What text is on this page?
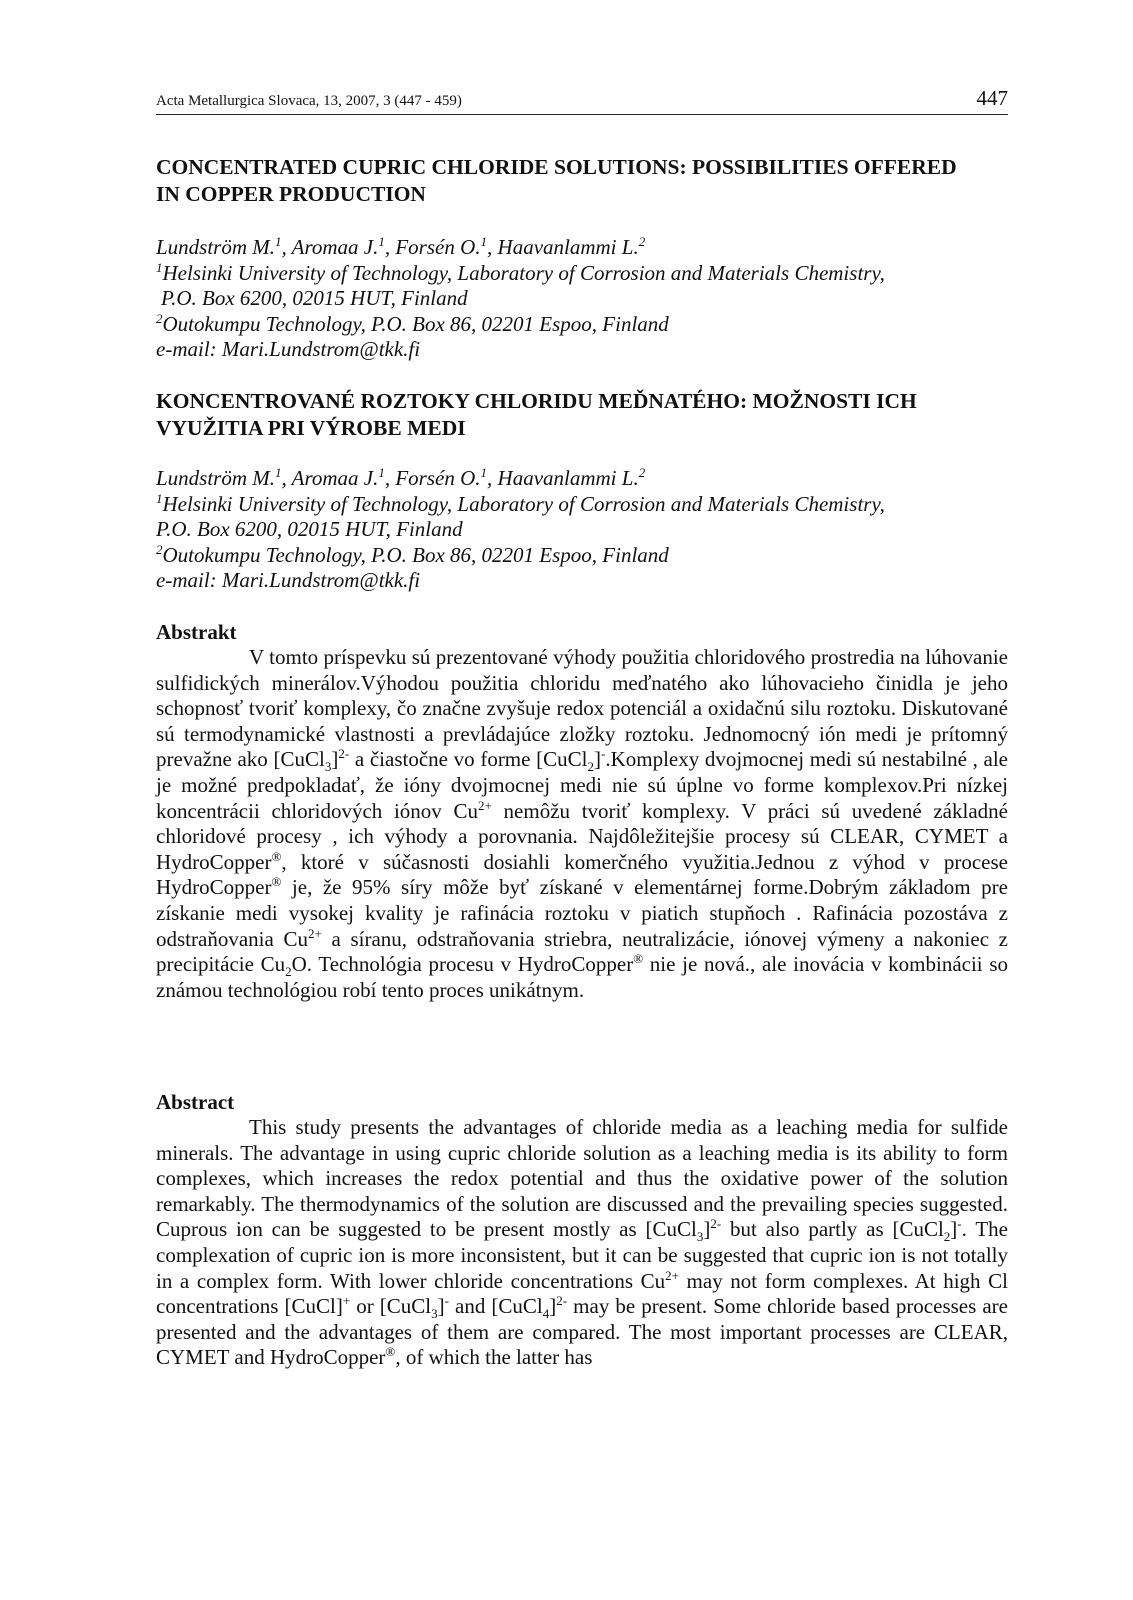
Acta Metallurgica Slovaca, 13, 2007, 3 (447 - 459)	447
CONCENTRATED CUPRIC CHLORIDE SOLUTIONS: POSSIBILITIES OFFERED
IN COPPER PRODUCTION
Lundström M.$^1$, Aromaa J.$^1$, Forsén O.$^1$, Haavanlammi L.$^2$
$^1$Helsinki University of Technology, Laboratory of Corrosion and Materials Chemistry,
P.O. Box 6200, 02015 HUT, Finland
$^2$Outokumpu Technology, P.O. Box 86, 02201 Espoo, Finland
e-mail: Mari.Lundstrom@tkk.fi
KONCENTROVANÉ ROZTOKY CHLORIDU MEĎNATÉHO: MOŽNOSTI ICH
VYUŽITIA PRI VÝROBE MEDI
Lundström M.$^1$, Aromaa J.$^1$, Forsén O.$^1$, Haavanlammi L.$^2$
$^1$Helsinki University of Technology, Laboratory of Corrosion and Materials Chemistry,
P.O. Box 6200, 02015 HUT, Finland
$^2$Outokumpu Technology, P.O. Box 86, 02201 Espoo, Finland
e-mail: Mari.Lundstrom@tkk.fi
Abstrakt

V tomto príspevku sú prezentované výhody použitia chloridového prostredia na lúhovanie sulfidických minerálov.Výhodou použitia chloridu meďnatého ako lúhovacieho činidla je jeho schopnosť tvoriť komplexy, čo značne zvyšuje redox potenciál a oxidačnú silu roztoku. Diskutované sú termodynamické vlastnosti a prevládajúce zložky roztoku. Jednomocný ión medi je prítomný prevažne ako [CuCl$_3$]$^{2-}$ a čiastočne vo forme [CuCl$_2$]-.Komplexy dvojmocnej medi sú nestabilné , ale je možné predpokladať, že ióny dvojmocnej medi nie sú úplne vo forme komplexov.Pri nízkej koncentrácii chloridových iónov $Cu^{2+}$ nemôžu tvoriť komplexy. V práci sú uvedené základné chloridové procesy , ich výhody a porovnania. Najdôležitejšie procesy sú CLEAR, CYMET a HydroCopper®, ktoré v súčasnosti dosiahli komerčného využitia.Jednou z výhod v procese HydroCopper® je, že 95% síry môže byť získané v elementárnej forme.Dobrým základom pre získanie medi vysokej kvality je rafinácia roztoku v piatich stupňoch . Rafinácia pozostáva z odstraňovania $Cu^{2+}$ a síranu, odstraňovania striebra, neutralizácie, iónovej výmeny a nakoniec z precipitácie $Cu_2O$. Technológia procesu v HydroCopper® nie je nová., ale inovácia v kombinácii so známou technológiou robí tento proces unikátnym.

Abstract

This study presents the advantages of chloride media as a leaching media for sulfide minerals. The advantage in using cupric chloride solution as a leaching media is its ability to form complexes, which increases the redox potential and thus the oxidative power of the solution remarkably. The thermodynamics of the solution are discussed and the prevailing species suggested. Cuprous ion can be suggested to be present mostly as [CuCl$_3$]$^{2-}$ but also partly as [CuCl$_2$]-. The complexation of cupric ion is more inconsistent, but it can be suggested that cupric ion is not totally in a complex form. With lower chloride concentrations $Cu^{2+}$ may not form complexes. At high Cl concentrations [CuCl]+ or [CuCl$_3$]- and [CuCl$_4$]$^{2-}$ may be present. Some chloride based processes are presented and the advantages of them are compared. The most important processes are CLEAR, CYMET and HydroCopper®, of which the latter has
